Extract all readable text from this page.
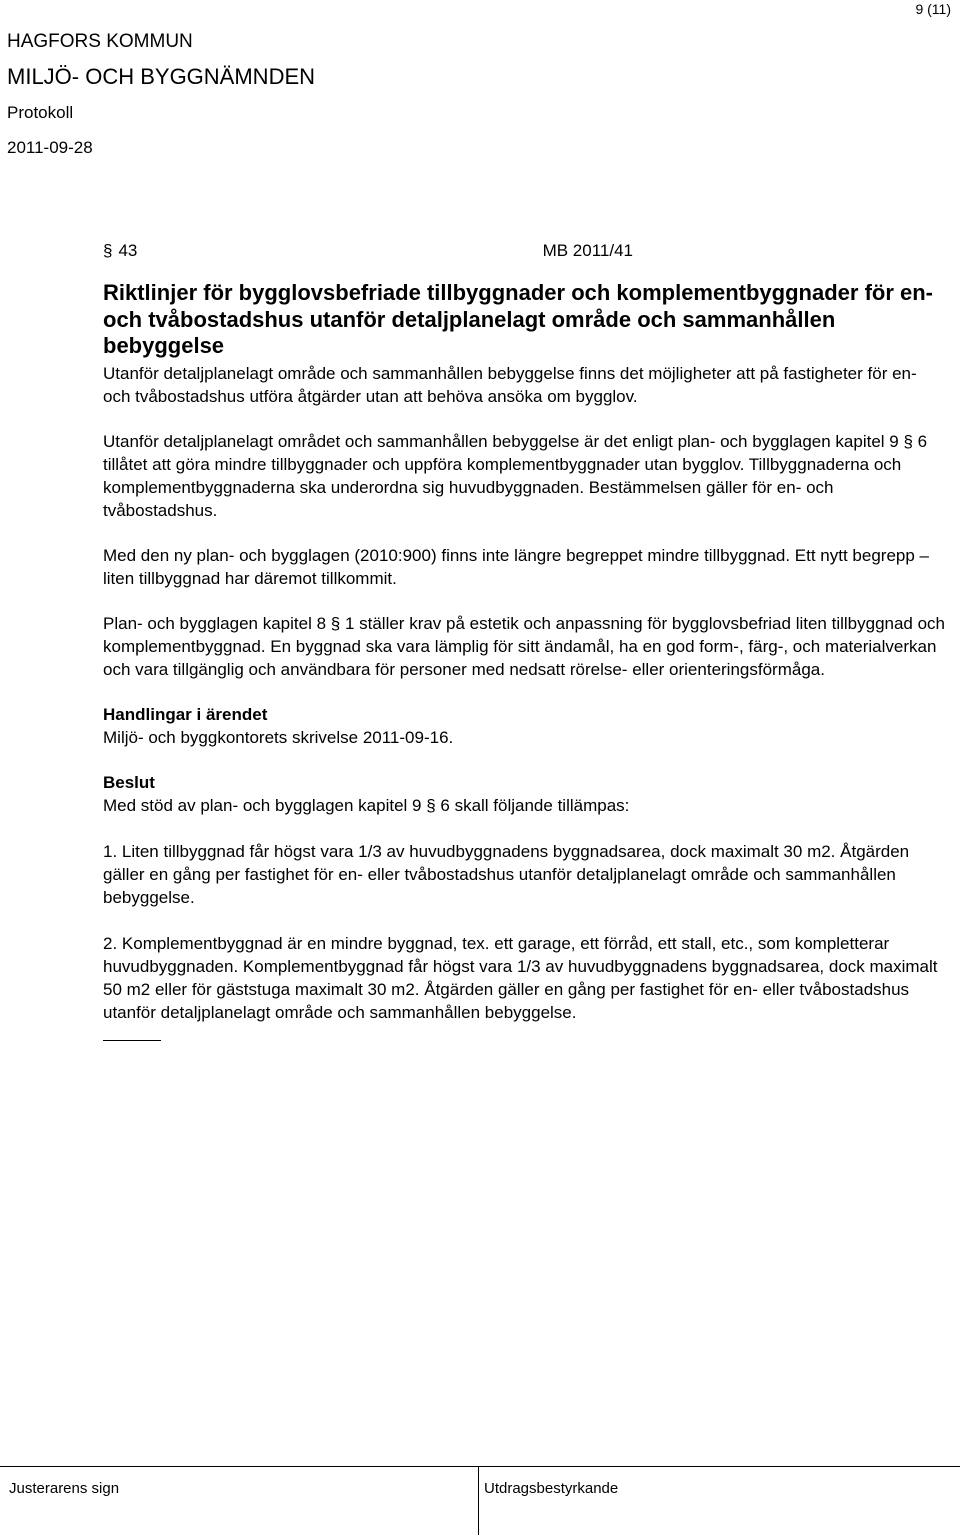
9 (11)
HAGFORS KOMMUN
MILJÖ- OCH BYGGNÄMNDEN
Protokoll
2011-09-28
§ 43	MB 2011/41
Riktlinjer för bygglovsbefriade tillbyggnader och komplementbyggnader för en- och tvåbostadshus utanför detaljplanelagt område och sammanhållen bebyggelse

Utanför detaljplanelagt område och sammanhållen bebyggelse finns det möjligheter att på fastigheter för en- och tvåbostadshus utföra åtgärder utan att behöva ansöka om bygglov.

Utanför detaljplanelagt området och sammanhållen bebyggelse är det enligt plan- och bygglagen kapitel 9 § 6 tillåtet att göra mindre tillbyggnader och uppföra komplementbyggnader utan bygglov. Tillbyggnaderna och komplementbyggnaderna ska underordna sig huvudbyggnaden. Bestämmelsen gäller för en- och tvåbostadshus.

Med den ny plan- och bygglagen (2010:900) finns inte längre begreppet mindre tillbyggnad. Ett nytt begrepp – liten tillbyggnad har däremot tillkommit.

Plan- och bygglagen kapitel 8 § 1 ställer krav på estetik och anpassning för bygglovsbefriad liten tillbyggnad och komplementbyggnad. En byggnad ska vara lämplig för sitt ändamål, ha en god form-, färg-, och materialverkan och vara tillgänglig och användbara för personer med nedsatt rörelse- eller orienteringsförmåga.

Handlingar i ärendet

Miljö- och byggkontorets skrivelse 2011-09-16.

Beslut

Med stöd av plan- och bygglagen kapitel 9 § 6 skall följande tillämpas:

1. Liten tillbyggnad får högst vara 1/3 av huvudbyggnadens byggnadsarea, dock maximalt 30 m2. Åtgärden gäller en gång per fastighet för en- eller tvåbostadshus utanför detaljplanelagt område och sammanhållen bebyggelse.

2. Komplementbyggnad är en mindre byggnad, tex. ett garage, ett förråd, ett stall, etc., som kompletterar huvudbyggnaden. Komplementbyggnad får högst vara 1/3 av huvudbyggnadens byggnadsarea, dock maximalt 50 m2 eller för gäststuga maximalt 30 m2. Åtgärden gäller en gång per fastighet för en- eller tvåbostadshus utanför detaljplanelagt område och sammanhållen bebyggelse.

Justerarens sign	Utdragsbestyrkande
